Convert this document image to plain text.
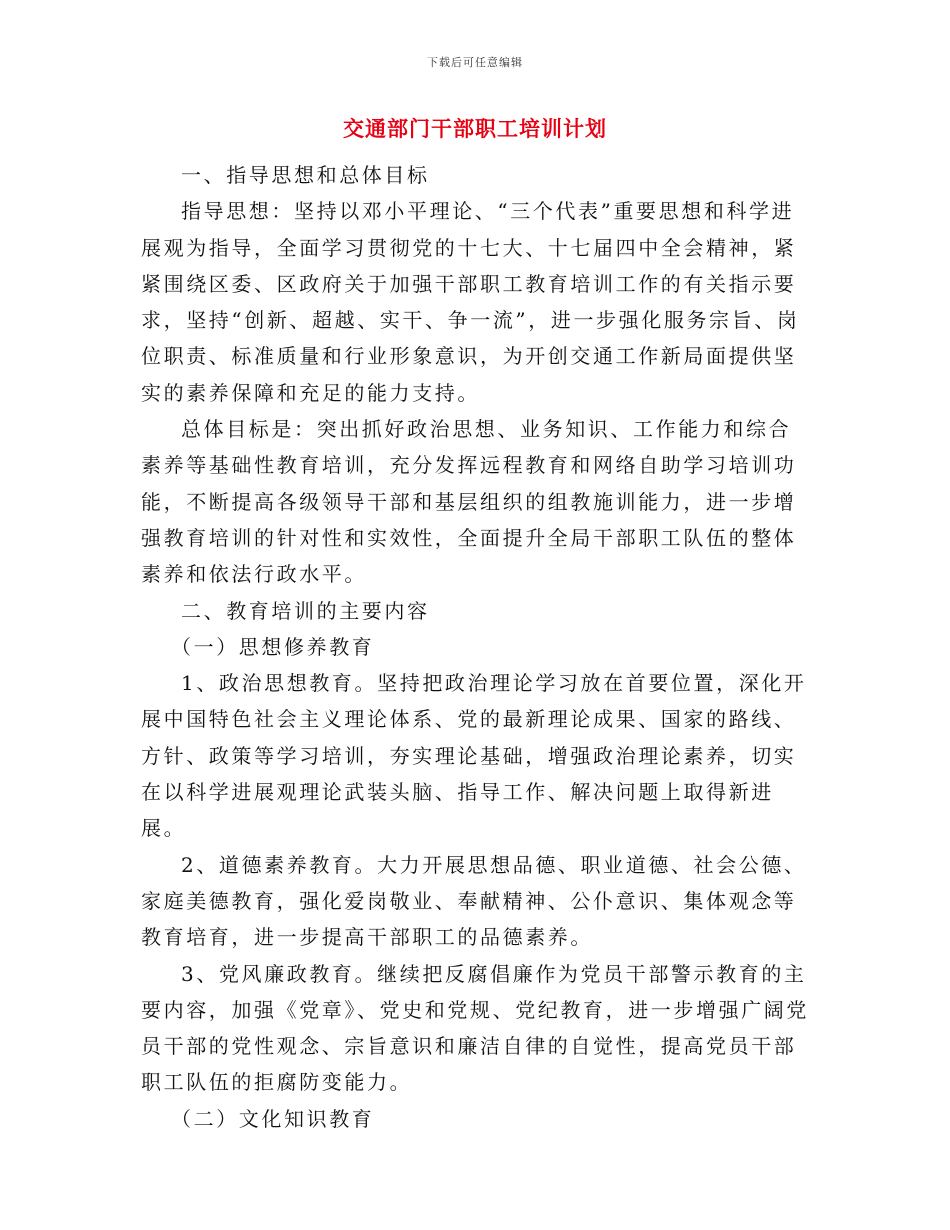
下载后可任意编辑
交通部门干部职工培训计划

一、指导思想和总体目标

指导思想：坚持以邓小平理论、“三个代表”重要思想和科学进展观为指导，全面学习贯彻党的十七大、十七届四中全会精神，紧紧围绕区委、区政府关于加强干部职工教育培训工作的有关指示要求，坚持“创新、超越、实干、争一流”，进一步强化服务宗旨、岗位职责、标准质量和行业形象意识，为开创交通工作新局面提供坚实的素养保障和充足的能力支持。

总体目标是：突出抓好政治思想、业务知识、工作能力和综合素养等基础性教育培训，充分发挥远程教育和网络自助学习培训功能，不断提高各级领导干部和基层组织的组教施训能力，进一步增强教育培训的针对性和实效性，全面提升全局干部职工队伍的整体素养和依法行政水平。

二、教育培训的主要内容

（一）思想修养教育

1、政治思想教育。坚持把政治理论学习放在首要位置，深化开展中国特色社会主义理论体系、党的最新理论成果、国家的路线、方针、政策等学习培训，夯实理论基础，增强政治理论素养，切实在以科学进展观理论武装头脑、指导工作、解决问题上取得新进展。

2、道德素养教育。大力开展思想品德、职业道德、社会公德、家庭美德教育，强化爱岗敬业、奉献精神、公仆意识、集体观念等教育培育，进一步提高干部职工的品德素养。

3、党风廉政教育。继续把反腐倡廉作为党员干部警示教育的主要内容，加强《党章》、党史和党规、党纪教育，进一步增强广阔党员干部的党性观念、宗旨意识和廉洁自律的自觉性，提高党员干部职工队伍的拒腐防变能力。

（二）文化知识教育
